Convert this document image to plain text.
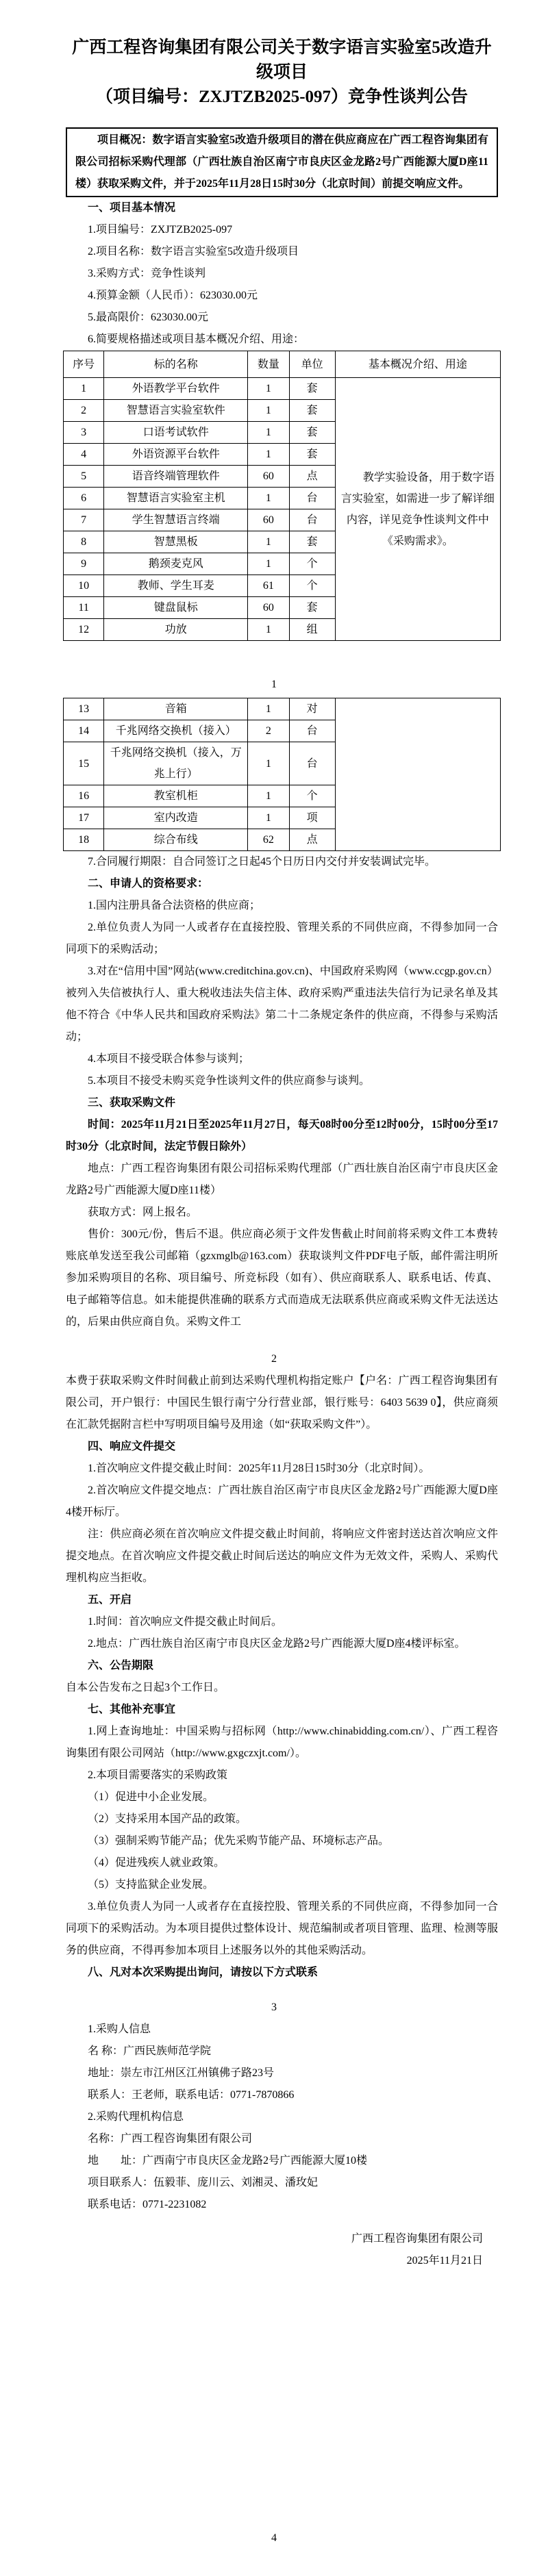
广西工程咨询集团有限公司关于数字语言实验室5改造升级项目
（项目编号：ZXJTZB2025-097）竞争性谈判公告

项目概况：数字语言实验室5改造升级项目的潜在供应商应在广西工程咨询集团有限公司招标采购代理部（广西壮族自治区南宁市良庆区金龙路2号广西能源大厦D座11楼）获取采购文件，并于2025年11月28日15时30分（北京时间）前提交响应文件。

一、项目基本情况

1.项目编号：ZXJTZB2025-097

2.项目名称：数字语言实验室5改造升级项目

3.采购方式：竞争性谈判

4.预算金额（人民币）：623030.00元

5.最高限价：623030.00元

6.简要规格描述或项目基本概况介绍、用途：

序号	标的名称	数量	单位	基本概况介绍、用途
1	外语教学平台软件	1	套	教学实验设备，用于数字语言实验室，如需进一步了解详细内容，详见竞争性谈判文件中《采购需求》。
2	智慧语言实验室软件	1	套	
3	口语考试软件	1	套	
4	外语资源平台软件	1	套	
5	语音终端管理软件	60	点	
6	智慧语言实验室主机	1	台	
7	学生智慧语言终端	60	台	
8	智慧黑板	1	套	
9	鹅颈麦克风	1	个	
10	教师、学生耳麦	61	个	
11	键盘鼠标	60	套	
12	功放	1	组	
1
13	音箱	1	对	
14	千兆网络交换机（接入）	2	台	
15	千兆网络交换机（接入，万兆上行）	1	台	
16	教室机柜	1	个	
17	室内改造	1	项	
18	综合布线	62	点	

7.合同履行期限：自合同签订之日起45个日历日内交付并安装调试完毕。

二、申请人的资格要求：

1.国内注册具备合法资格的供应商；

2.单位负责人为同一人或者存在直接控股、管理关系的不同供应商，不得参加同一合同项下的采购活动；

3.对在“信用中国”网站(www.creditchina.gov.cn)、中国政府采购网（www.ccgp.gov.cn）被列入失信被执行人、重大税收违法失信主体、政府采购严重违法失信行为记录名单及其他不符合《中华人民共和国政府采购法》第二十二条规定条件的供应商，不得参与采购活动；

4.本项目不接受联合体参与谈判；

5.本项目不接受未购买竞争性谈判文件的供应商参与谈判。

三、获取采购文件

时间：2025年11月21日至2025年11月27日，每天08时00分至12时00分，15时00分至17时30分（北京时间，法定节假日除外）

地点：广西工程咨询集团有限公司招标采购代理部（广西壮族自治区南宁市良庆区金龙路2号广西能源大厦D座11楼）

获取方式：网上报名。

售价：300元/份，售后不退。供应商必须于文件发售截止时间前将采购文件工本费转账底单发送至我公司邮箱（gzxmglb@163.com）获取谈判文件PDF电子版，邮件需注明所参加采购项目的名称、项目编号、所竞标段（如有）、供应商联系人、联系电话、传真、电子邮箱等信息。如未能提供准确的联系方式而造成无法联系供应商或采购文件无法送达的，后果由供应商自负。采购文件工

2

本费于获取采购文件时间截止前到达采购代理机构指定账户【户名：广西工程咨询集团有限公司，开户银行：中国民生银行南宁分行营业部，银行账号：6403 5639 0】，供应商须在汇款凭据附言栏中写明项目编号及用途（如“获取采购文件”）。

四、响应文件提交

1.首次响应文件提交截止时间：2025年11月28日15时30分（北京时间）。

2.首次响应文件提交地点：广西壮族自治区南宁市良庆区金龙路2号广西能源大厦D座4楼开标厅。

注：供应商必须在首次响应文件提交截止时间前，将响应文件密封送达首次响应文件提交地点。在首次响应文件提交截止时间后送达的响应文件为无效文件，采购人、采购代理机构应当拒收。

五、开启

1.时间：首次响应文件提交截止时间后。

2.地点：广西壮族自治区南宁市良庆区金龙路2号广西能源大厦D座4楼评标室。

六、公告期限

自本公告发布之日起3个工作日。

七、其他补充事宜

1.网上查询地址：中国采购与招标网（http://www.chinabidding.com.cn/）、广西工程咨询集团有限公司网站（http://www.gxgczxjt.com/）。

2.本项目需要落实的采购政策

（1）促进中小企业发展。

（2）支持采用本国产品的政策。

（3）强制采购节能产品；优先采购节能产品、环境标志产品。

（4）促进残疾人就业政策。

（5）支持监狱企业发展。

3.单位负责人为同一人或者存在直接控股、管理关系的不同供应商，不得参加同一合同项下的采购活动。为本项目提供过整体设计、规范编制或者项目管理、监理、检测等服务的供应商，不得再参加本项目上述服务以外的其他采购活动。

八、凡对本次采购提出询问，请按以下方式联系

3

1.采购人信息

名 称：广西民族师范学院

地址：崇左市江州区江州镇佛子路23号

联系人：王老师，联系电话：0771-7870866

2.采购代理机构信息

名称：广西工程咨询集团有限公司

地　　址：广西南宁市良庆区金龙路2号广西能源大厦10楼

项目联系人：伍毅菲、庞川云、刘湘灵、潘玫妃

联系电话：0771-2231082

广西工程咨询集团有限公司

2025年11月21日

4
